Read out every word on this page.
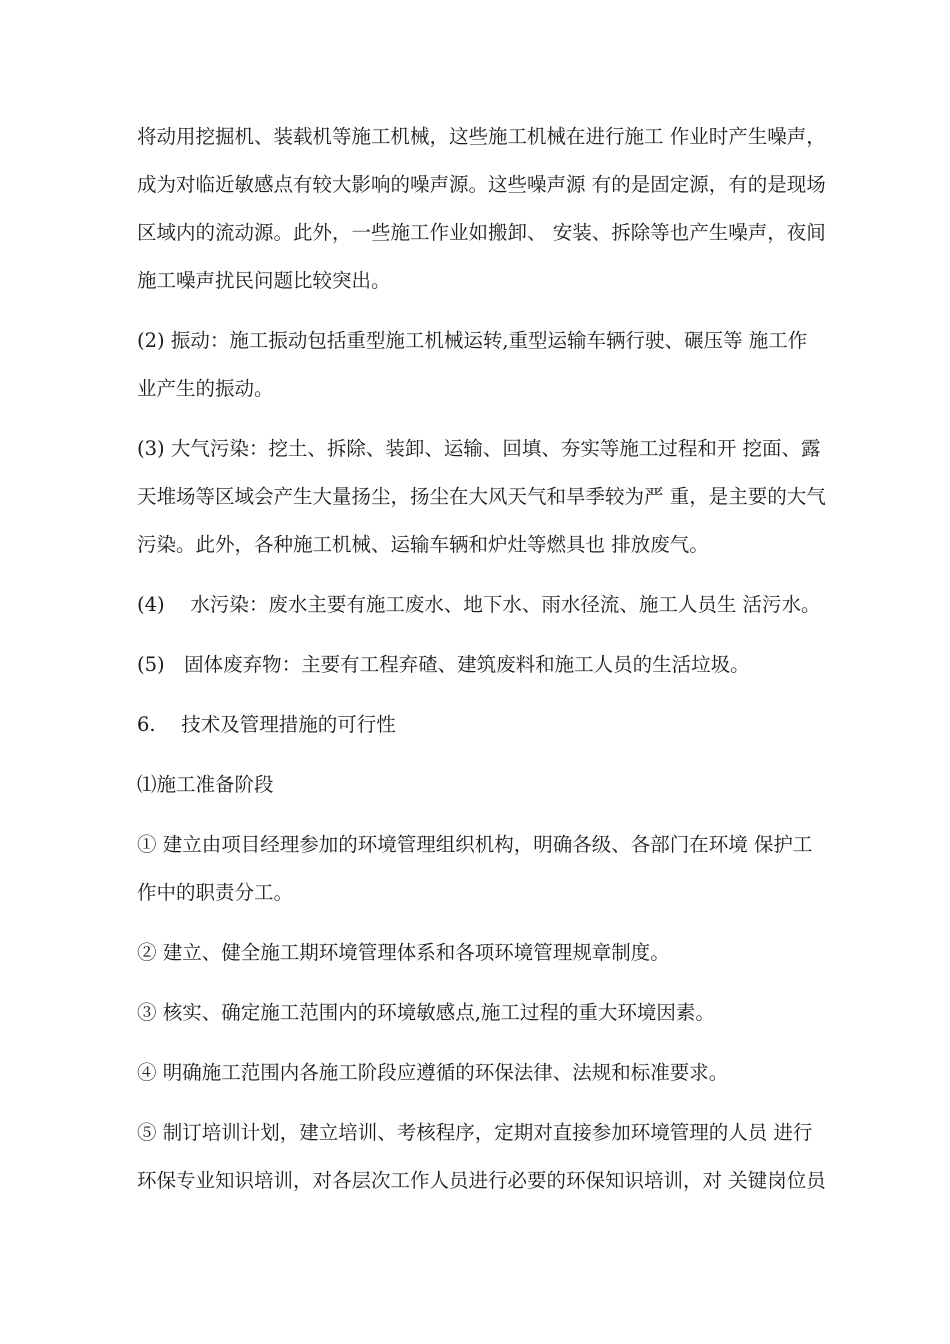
将动用挖掘机、装载机等施工机械，这些施工机械在进行施工 作业时产生噪声，
成为对临近敏感点有较大影响的噪声源。这些噪声源 有的是固定源，有的是现场
区域内的流动源。此外，一些施工作业如搬卸、 安装、拆除等也产生噪声，夜间
施工噪声扰民问题比较突出。
(2) 振动：施工振动包括重型施工机械运转,重型运输车辆行驶、碾压等 施工作
业产生的振动。
(3) 大气污染：挖土、拆除、装卸、运输、回填、夯实等施工过程和开 挖面、露
天堆场等区域会产生大量扬尘，扬尘在大风天气和旱季较为严 重，是主要的大气
污染。此外，各种施工机械、运输车辆和炉灶等燃具也 排放废气。
(4)　 水污染：废水主要有施工废水、地下水、雨水径流、施工人员生 活污水。
(5)　固体废弃物：主要有工程弃碴、建筑废料和施工人员的生活垃圾。
6.　 技术及管理措施的可行性
⑴施工准备阶段
① 建立由项目经理参加的环境管理组织机构，明确各级、各部门在环境 保护工
作中的职责分工。
② 建立、健全施工期环境管理体系和各项环境管理规章制度。
③ 核实、确定施工范围内的环境敏感点,施工过程的重大环境因素。
④ 明确施工范围内各施工阶段应遵循的环保法律、法规和标准要求。
⑤ 制订培训计划，建立培训、考核程序，定期对直接参加环境管理的人员 进行
环保专业知识培训，对各层次工作人员进行必要的环保知识培训，对 关键岗位员
